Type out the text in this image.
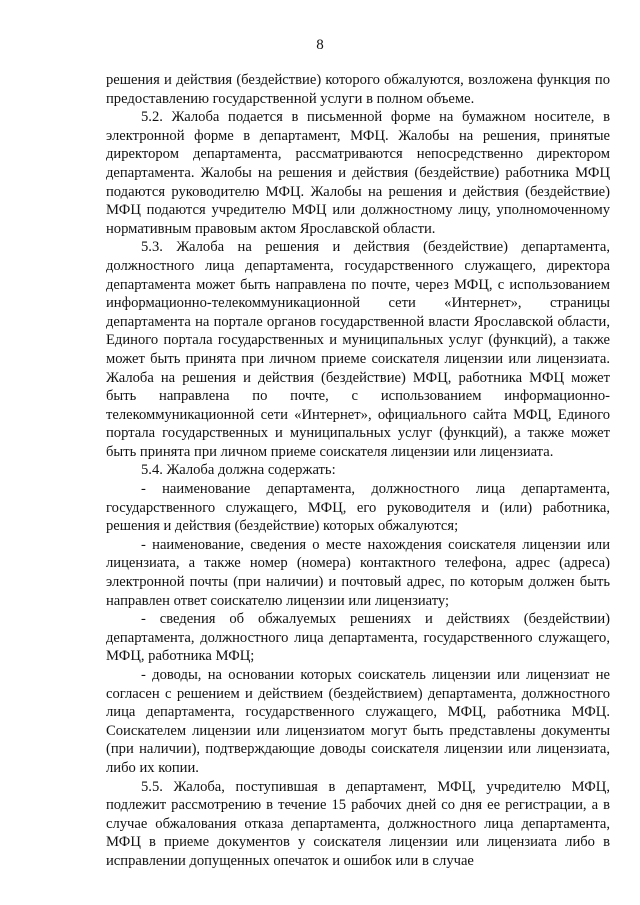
8

решения и действия (бездействие) которого обжалуются, возложена функция по предоставлению государственной услуги в полном объеме.

5.2. Жалоба подается в письменной форме на бумажном носителе, в электронной форме в департамент, МФЦ. Жалобы на решения, принятые директором департамента, рассматриваются непосредственно директором департамента. Жалобы на решения и действия (бездействие) работника МФЦ подаются руководителю МФЦ. Жалобы на решения и действия (бездействие) МФЦ подаются учредителю МФЦ или должностному лицу, уполномоченному нормативным правовым актом Ярославской области.

5.3. Жалоба на решения и действия (бездействие) департамента, должностного лица департамента, государственного служащего, директора департамента может быть направлена по почте, через МФЦ, с использованием информационно-телекоммуникационной сети «Интернет», страницы департамента на портале органов государственной власти Ярославской области, Единого портала государственных и муниципальных услуг (функций), а также может быть принята при личном приеме соискателя лицензии или лицензиата. Жалоба на решения и действия (бездействие) МФЦ, работника МФЦ может быть направлена по почте, с использованием информационно-телекоммуникационной сети «Интернет», официального сайта МФЦ, Единого портала государственных и муниципальных услуг (функций), а также может быть принята при личном приеме соискателя лицензии или лицензиата.

5.4. Жалоба должна содержать:

- наименование департамента, должностного лица департамента, государственного служащего, МФЦ, его руководителя и (или) работника, решения и действия (бездействие) которых обжалуются;

- наименование, сведения о месте нахождения соискателя лицензии или лицензиата, а также номер (номера) контактного телефона, адрес (адреса) электронной почты (при наличии) и почтовый адрес, по которым должен быть направлен ответ соискателю лицензии или лицензиату;

- сведения об обжалуемых решениях и действиях (бездействии) департамента, должностного лица департамента, государственного служащего, МФЦ, работника МФЦ;

- доводы, на основании которых соискатель лицензии или лицензиат не согласен с решением и действием (бездействием) департамента, должностного лица департамента, государственного служащего, МФЦ, работника МФЦ. Соискателем лицензии или лицензиатом могут быть представлены документы (при наличии), подтверждающие доводы соискателя лицензии или лицензиата, либо их копии.

5.5. Жалоба, поступившая в департамент, МФЦ, учредителю МФЦ, подлежит рассмотрению в течение 15 рабочих дней со дня ее регистрации, а в случае обжалования отказа департамента, должностного лица департамента, МФЦ в приеме документов у соискателя лицензии или лицензиата либо в исправлении допущенных опечаток и ошибок или в случае
